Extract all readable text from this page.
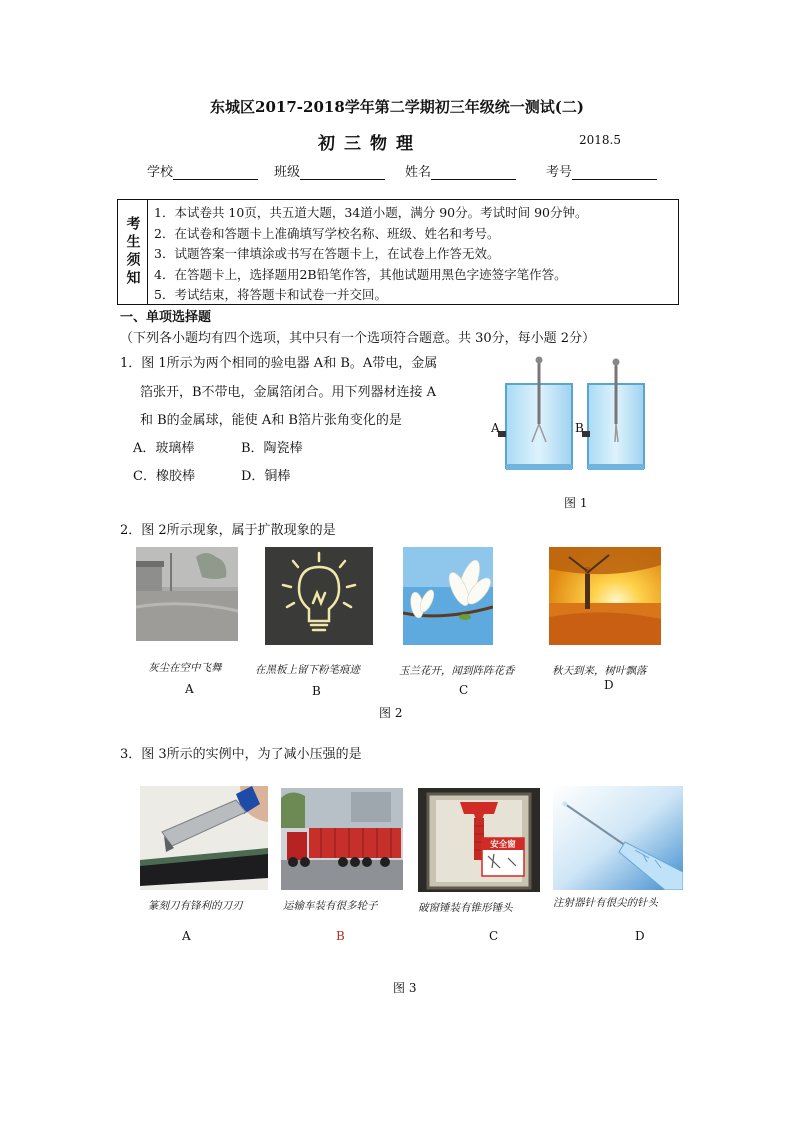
东城区2017-2018学年第二学期初三年级统一测试(二)
初三物理	2018.5
学校	班级	姓名	考号
考生须知
1．本试卷共 10页，共五道大题，34道小题，满分 90分。考试时间 90分钟。
2．在试卷和答题卡上准确填写学校名称、班级、姓名和考号。
3．试题答案一律填涂或书写在答题卡上，在试卷上作答无效。
4．在答题卡上，选择题用2B铅笔作答，其他试题用黑色字迹签字笔作答。
5．考试结束，将答题卡和试卷一并交回。
一、单项选择题（下列各小题均有四个选项，其中只有一个选项符合题意。共 30分，每小题 2分）
1．图 1所示为两个相同的验电器 A和 B。A带电，金属
箔张开，B不带电，金属箔闭合。用下列器材连接 A
和 B的金属球，能使 A和 B箔片张角变化的是
A．玻璃棒	B．陶瓷棒
C．橡胶棒	D．铜棒
A	B
图 1
2．图 2所示现象，属于扩散现象的是
灰尘在空中飞舞	在黑板上留下粉笔痕迹	玉兰花开，闻到阵阵花香	秋天到来，树叶飘落
A	B	C	D
图 2
3．图 3所示的实例中，为了减小压强的是
安全窗
篆刻刀有锋利的刀刃	运输车装有很多轮子	破窗锤装有锥形锤头	注射器针有很尖的针头
A	B	C	D
图 3
